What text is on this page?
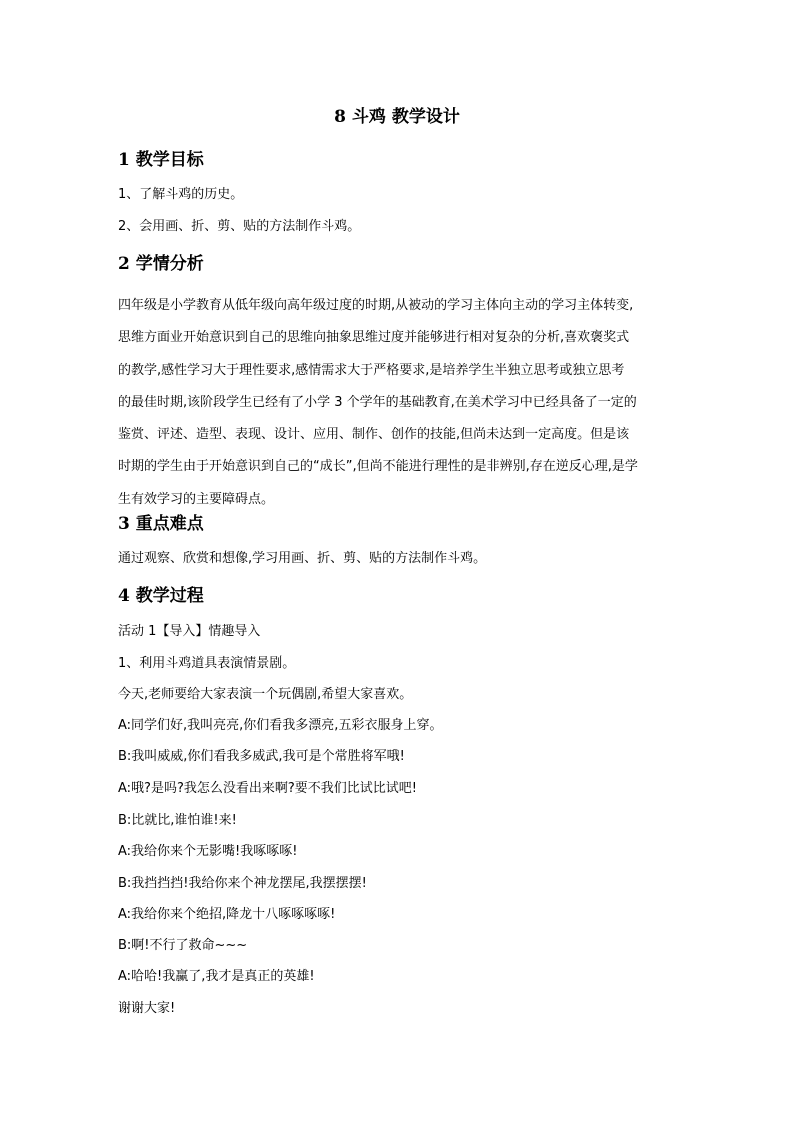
8 斗鸡 教学设计
1 教学目标

1、了解斗鸡的历史。

2、会用画、折、剪、贴的方法制作斗鸡。

2 学情分析
四年级是小学教育从低年级向高年级过度的时期,从被动的学习主体向主动的学习主体转变,
思维方面业开始意识到自己的思维向抽象思维过度并能够进行相对复杂的分析,喜欢褒奖式
的教学,感性学习大于理性要求,感情需求大于严格要求,是培养学生半独立思考或独立思考
的最佳时期,该阶段学生已经有了小学 3 个学年的基础教育,在美术学习中已经具备了一定的
鉴赏、评述、造型、表现、设计、应用、制作、创作的技能,但尚未达到一定高度。但是该
时期的学生由于开始意识到自己的“成长”,但尚不能进行理性的是非辨别,存在逆反心理,是学
生有效学习的主要障碍点。
3 重点难点

通过观察、欣赏和想像,学习用画、折、剪、贴的方法制作斗鸡。

4 教学过程

活动 1【导入】情趣导入

1、利用斗鸡道具表演情景剧。

今天,老师要给大家表演一个玩偶剧,希望大家喜欢。

A:同学们好,我叫亮亮,你们看我多漂亮,五彩衣服身上穿。

B:我叫威威,你们看我多威武,我可是个常胜将军哦!

A:哦?是吗?我怎么没看出来啊?要不我们比试比试吧!

B:比就比,谁怕谁!来!

A:我给你来个无影嘴!我啄啄啄!

B:我挡挡挡!我给你来个神龙摆尾,我摆摆摆!

A:我给你来个绝招,降龙十八啄啄啄啄!

B:啊!不行了救命~~~

A:哈哈!我赢了,我才是真正的英雄!

谢谢大家!
